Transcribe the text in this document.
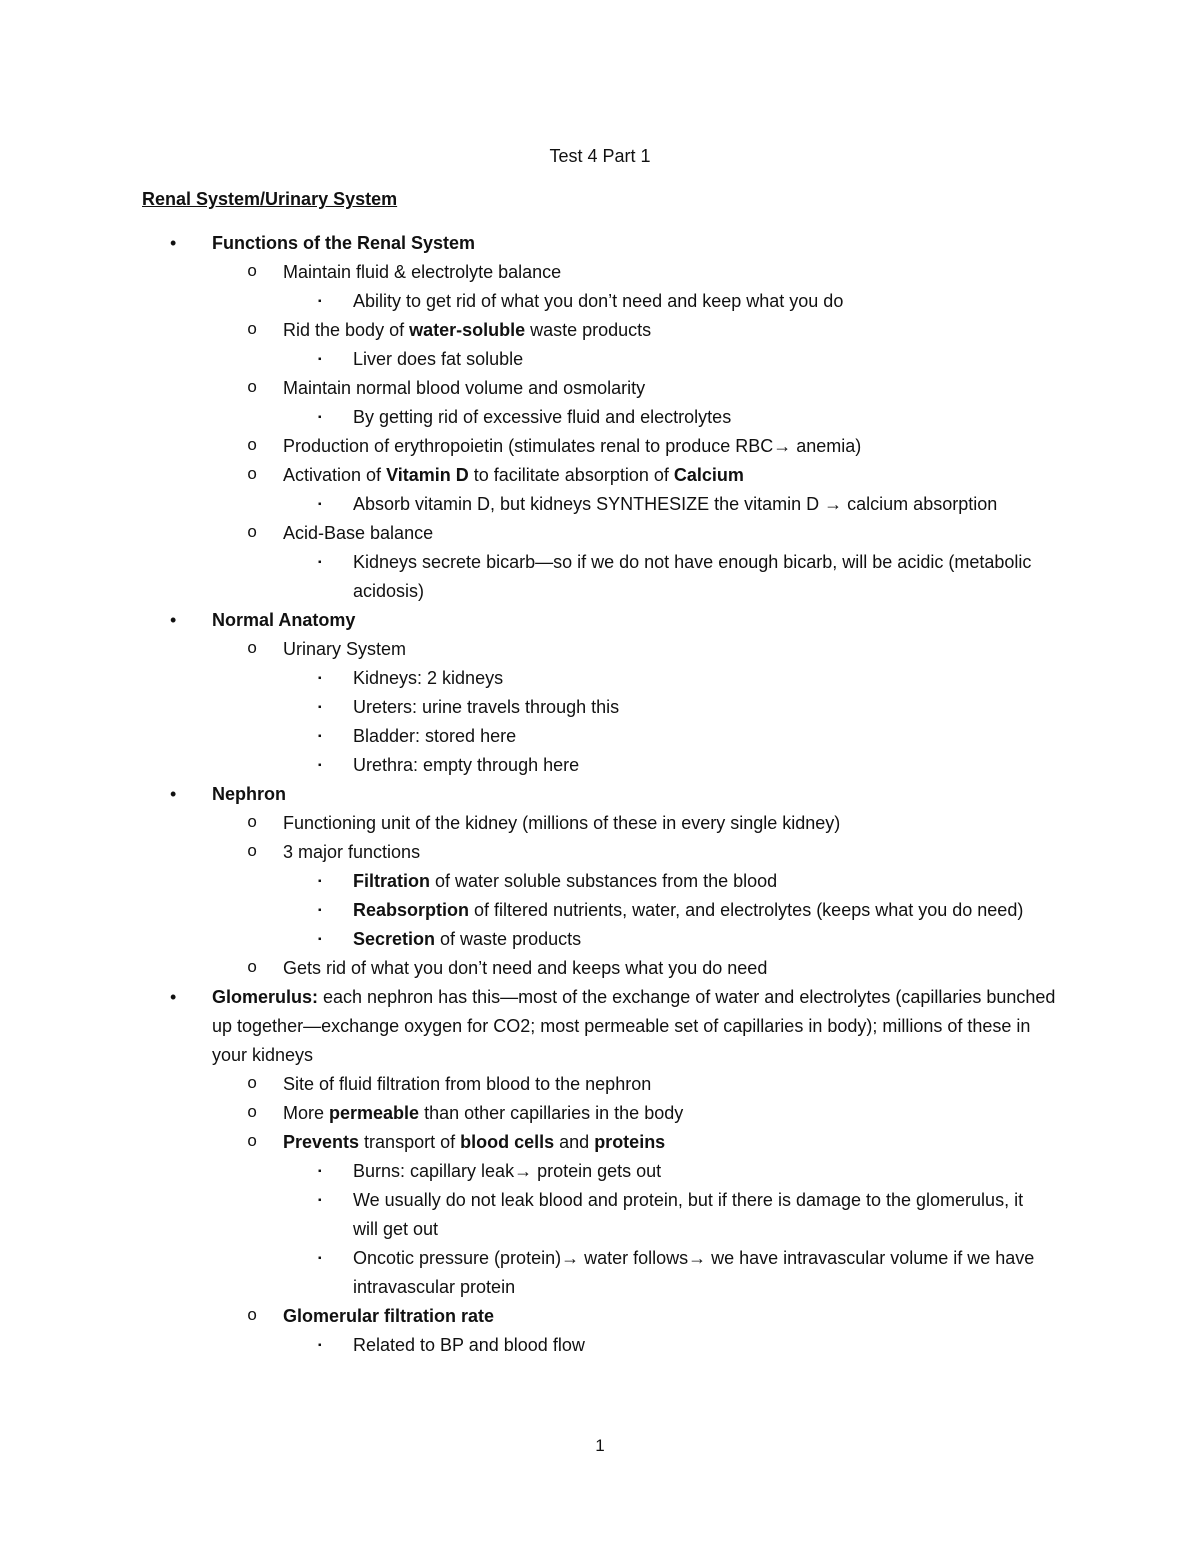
Test 4 Part 1
Renal System/Urinary System
• Functions of the Renal System
o Maintain fluid & electrolyte balance
▪ Ability to get rid of what you don’t need and keep what you do
o Rid the body of water-soluble waste products
▪ Liver does fat soluble
o Maintain normal blood volume and osmolarity
▪ By getting rid of excessive fluid and electrolytes
o Production of erythropoietin (stimulates renal to produce RBC→ anemia)
o Activation of Vitamin D to facilitate absorption of Calcium
▪ Absorb vitamin D, but kidneys SYNTHESIZE the vitamin D → calcium absorption
o Acid-Base balance
▪ Kidneys secrete bicarb—so if we do not have enough bicarb, will be acidic (metabolic acidosis)
• Normal Anatomy
o Urinary System
▪ Kidneys: 2 kidneys
▪ Ureters: urine travels through this
▪ Bladder: stored here
▪ Urethra: empty through here
• Nephron
o Functioning unit of the kidney (millions of these in every single kidney)
o 3 major functions
▪ Filtration of water soluble substances from the blood
▪ Reabsorption of filtered nutrients, water, and electrolytes (keeps what you do need)
▪ Secretion of waste products
o Gets rid of what you don’t need and keeps what you do need
• Glomerulus: each nephron has this—most of the exchange of water and electrolytes (capillaries bunched up together—exchange oxygen for CO2; most permeable set of capillaries in body); millions of these in your kidneys
o Site of fluid filtration from blood to the nephron
o More permeable than other capillaries in the body
o Prevents transport of blood cells and proteins
▪ Burns: capillary leak→ protein gets out
▪ We usually do not leak blood and protein, but if there is damage to the glomerulus, it will get out
▪ Oncotic pressure (protein)→ water follows→ we have intravascular volume if we have intravascular protein
o Glomerular filtration rate
▪ Related to BP and blood flow
1
